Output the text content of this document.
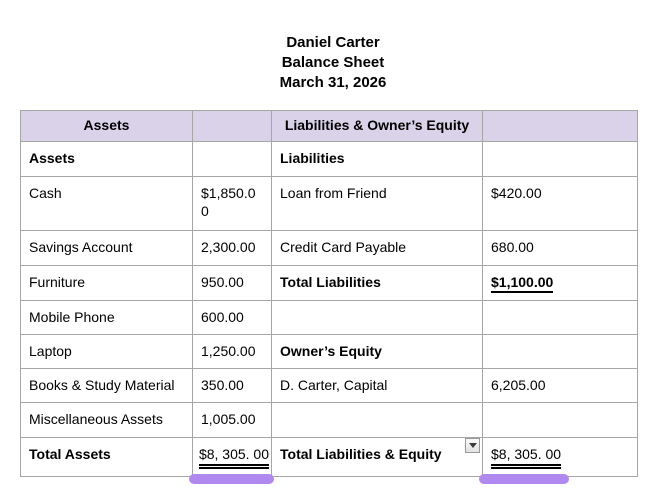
Daniel Carter
Balance Sheet
March 31, 2026
Assets		Liabilities & Owner’s Equity	
Assets		Liabilities	
Cash	$1,850.00	Loan from Friend	$420.00
Savings Account	2,300.00	Credit Card Payable	680.00
Furniture	950.00	Total Liabilities	$1,100.00
Mobile Phone	600.00		
Laptop	1,250.00	Owner’s Equity	
Books & Study Material	350.00	D. Carter, Capital	6,205.00
Miscellaneous Assets	1,005.00		
Total Assets	$8, 305. 00	Total Liabilities & Equity	$8, 305. 00
